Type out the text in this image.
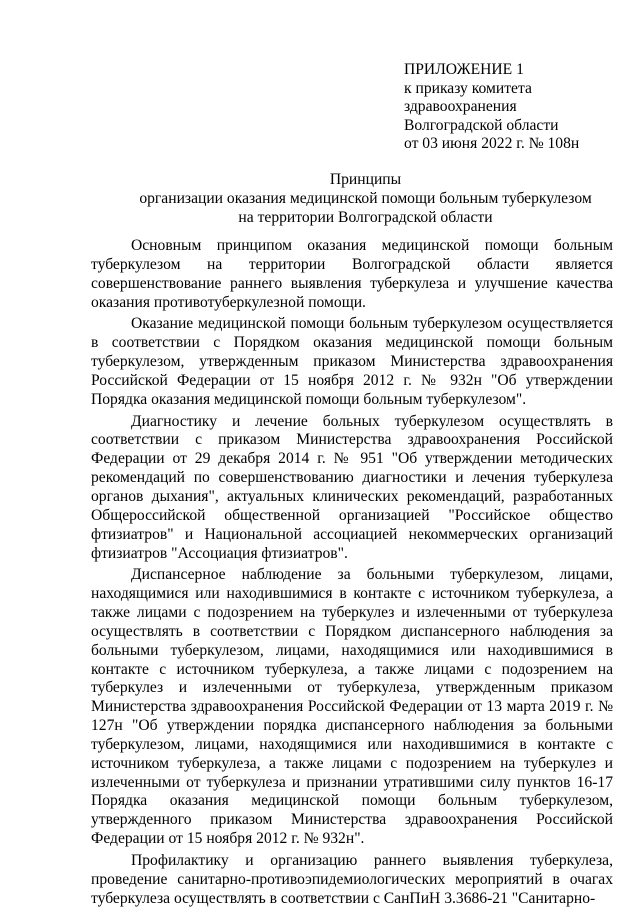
ПРИЛОЖЕНИЕ 1
к приказу комитета
здравоохранения
Волгоградской области
от 03 июня 2022 г. № 108н
Принципы
организации оказания медицинской помощи больным туберкулезом
на территории Волгоградской области

Основным принципом оказания медицинской помощи больным туберкулезом на территории Волгоградской области является совершенствование раннего выявления туберкулеза и улучшение качества оказания противотуберкулезной помощи.

Оказание медицинской помощи больным туберкулезом осуществляется в соответствии с Порядком оказания медицинской помощи больным туберкулезом, утвержденным приказом Министерства здравоохранения Российской Федерации от 15 ноября 2012 г. № 932н "Об утверждении Порядка оказания медицинской помощи больным туберкулезом".

Диагностику и лечение больных туберкулезом осуществлять в соответствии с приказом Министерства здравоохранения Российской Федерации от 29 декабря 2014 г. № 951 "Об утверждении методических рекомендаций по совершенствованию диагностики и лечения туберкулеза органов дыхания", актуальных клинических рекомендаций, разработанных Общероссийской общественной организацией "Российское общество фтизиатров" и Национальной ассоциацией некоммерческих организаций фтизиатров "Ассоциация фтизиатров".

Диспансерное наблюдение за больными туберкулезом, лицами, находящимися или находившимися в контакте с источником туберкулеза, а также лицами с подозрением на туберкулез и излеченными от туберкулеза осуществлять в соответствии с Порядком диспансерного наблюдения за больными туберкулезом, лицами, находящимися или находившимися в контакте с источником туберкулеза, а также лицами с подозрением на туберкулез и излеченными от туберкулеза, утвержденным приказом Министерства здравоохранения Российской Федерации от 13 марта 2019 г. № 127н "Об утверждении порядка диспансерного наблюдения за больными туберкулезом, лицами, находящимися или находившимися в контакте с источником туберкулеза, а также лицами с подозрением на туберкулез и излеченными от туберкулеза и признании утратившими силу пунктов 16-17 Порядка оказания медицинской помощи больным туберкулезом, утвержденного приказом Министерства здравоохранения Российской Федерации от 15 ноября 2012 г. № 932н".

Профилактику и организацию раннего выявления туберкулеза, проведение санитарно-противоэпидемиологических мероприятий в очагах туберкулеза осуществлять в соответствии с СанПиН 3.3686-21 "Санитарно-
